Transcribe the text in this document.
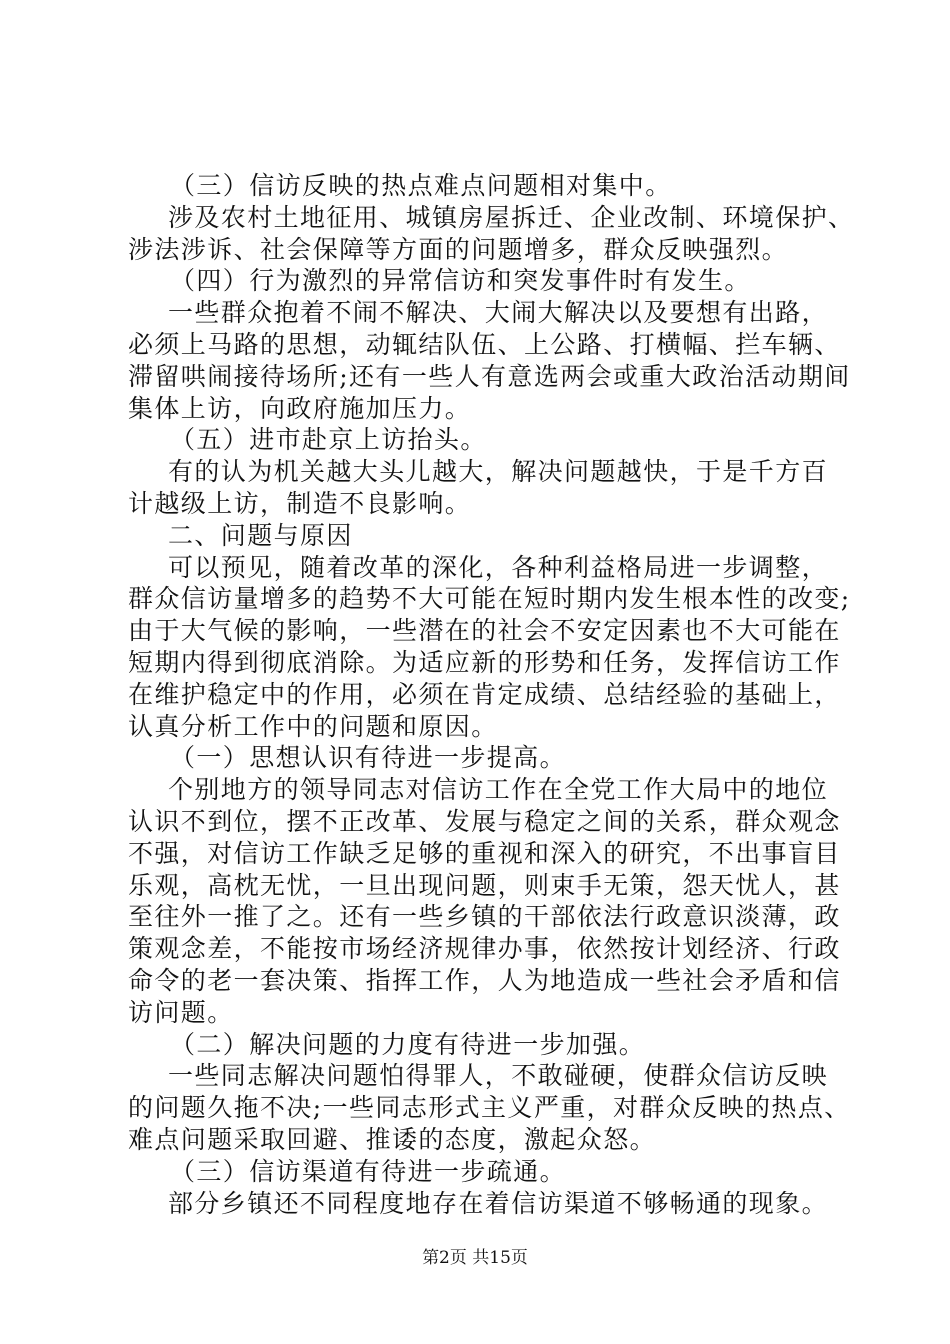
（三）信访反映的热点难点问题相对集中。
涉及农村土地征用、城镇房屋拆迁、企业改制、环境保护、
涉法涉诉、社会保障等方面的问题增多，群众反映强烈。
（四）行为激烈的异常信访和突发事件时有发生。
一些群众抱着不闹不解决、大闹大解决以及要想有出路，
必须上马路的思想，动辄结队伍、上公路、打横幅、拦车辆、
滞留哄闹接待场所;还有一些人有意选两会或重大政治活动期间
集体上访，向政府施加压力。
（五）进市赴京上访抬头。
有的认为机关越大头儿越大，解决问题越快，于是千方百
计越级上访，制造不良影响。
二、问题与原因
可以预见，随着改革的深化，各种利益格局进一步调整，
群众信访量增多的趋势不大可能在短时期内发生根本性的改变;
由于大气候的影响，一些潜在的社会不安定因素也不大可能在
短期内得到彻底消除。为适应新的形势和任务，发挥信访工作
在维护稳定中的作用，必须在肯定成绩、总结经验的基础上，
认真分析工作中的问题和原因。
（一）思想认识有待进一步提高。
个别地方的领导同志对信访工作在全党工作大局中的地位
认识不到位，摆不正改革、发展与稳定之间的关系，群众观念
不强，对信访工作缺乏足够的重视和深入的研究，不出事盲目
乐观，高枕无忧，一旦出现问题，则束手无策，怨天忧人，甚
至往外一推了之。还有一些乡镇的干部依法行政意识淡薄，政
策观念差，不能按市场经济规律办事，依然按计划经济、行政
命令的老一套决策、指挥工作，人为地造成一些社会矛盾和信
访问题。
（二）解决问题的力度有待进一步加强。
一些同志解决问题怕得罪人，不敢碰硬，使群众信访反映
的问题久拖不决;一些同志形式主义严重，对群众反映的热点、
难点问题采取回避、推诿的态度，激起众怒。
（三）信访渠道有待进一步疏通。
部分乡镇还不同程度地存在着信访渠道不够畅通的现象。
第2页 共15页
